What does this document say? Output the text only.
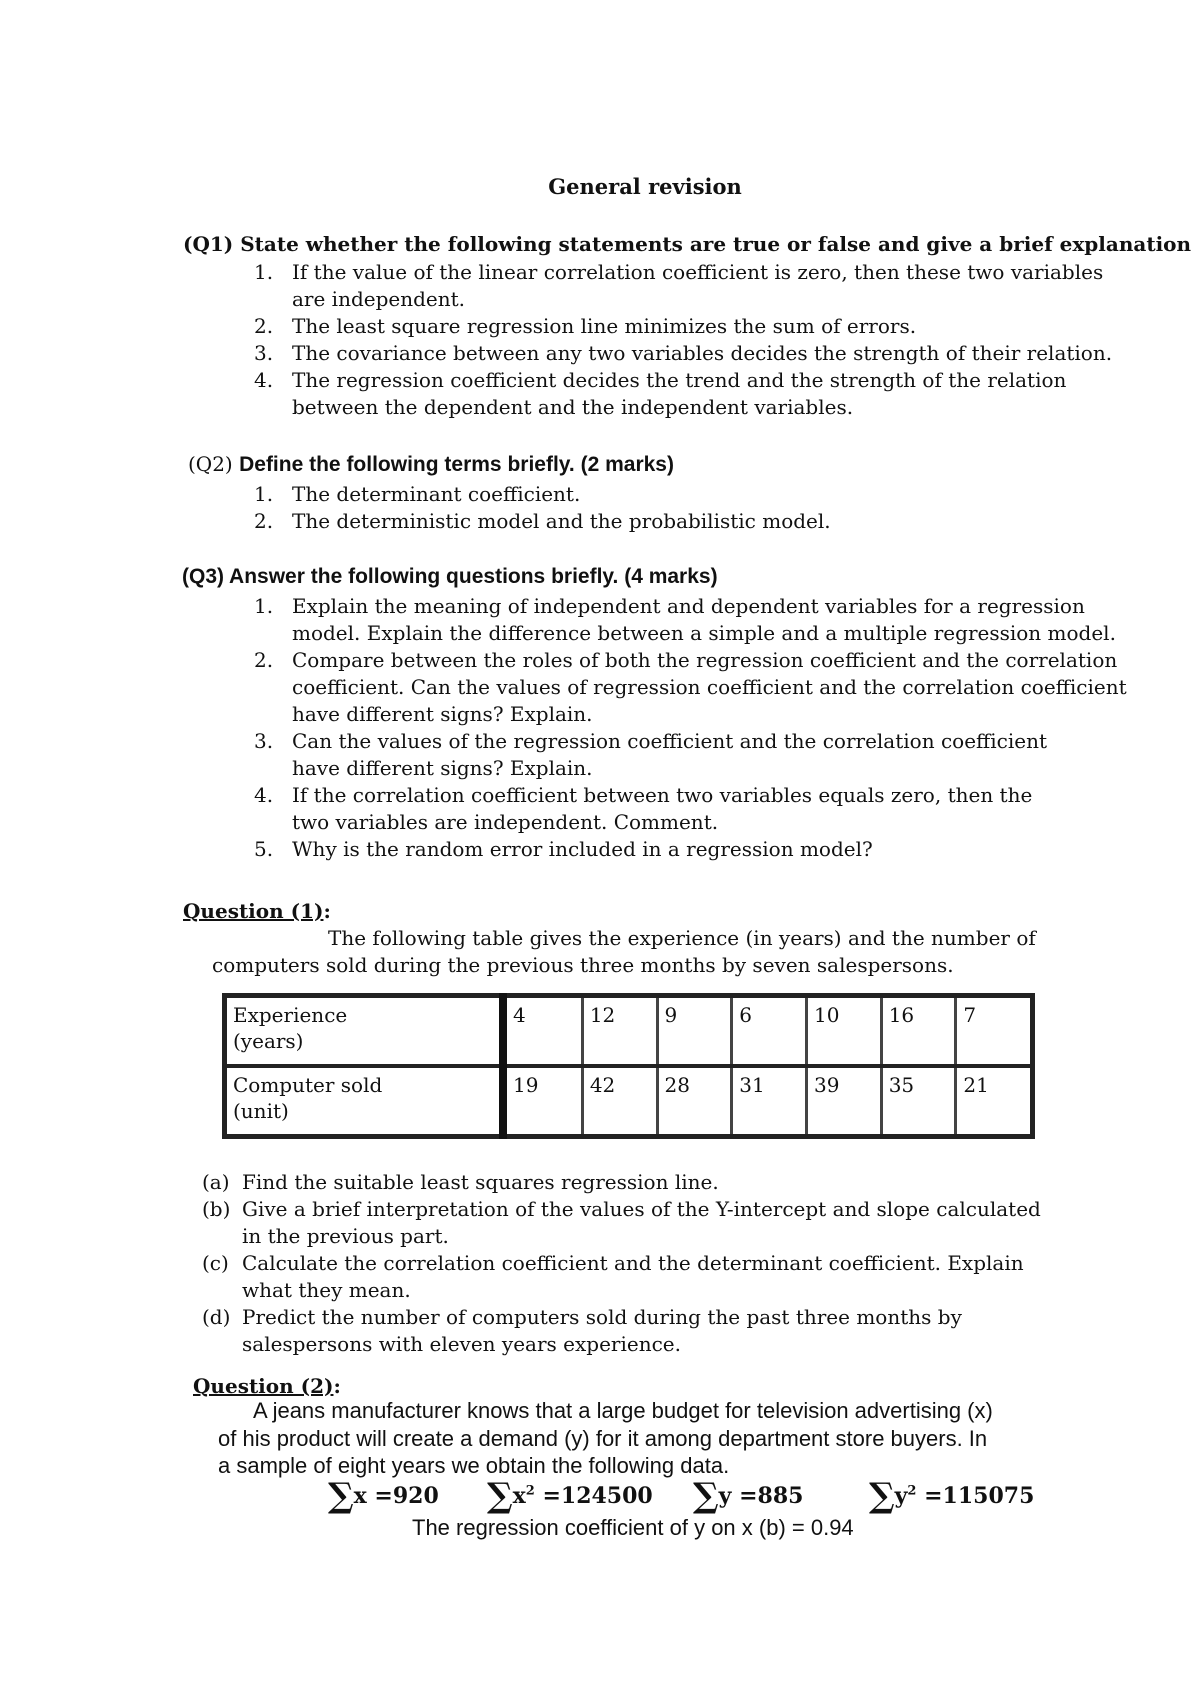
General revision
(Q1) State whether the following statements are true or false and give a brief explanation
1. If the value of the linear correlation coefficient is zero, then these two variables
are independent.
2. The least square regression line minimizes the sum of errors.
3. The covariance between any two variables decides the strength of their relation.
4. The regression coefficient decides the trend and the strength of the relation
between the dependent and the independent variables.
(Q2) Define the following terms briefly. (2 marks)
1. The determinant coefficient.
2. The deterministic model and the probabilistic model.
(Q3) Answer the following questions briefly. (4 marks)
1. Explain the meaning of independent and dependent variables for a regression
model. Explain the difference between a simple and a multiple regression model.
2. Compare between the roles of both the regression coefficient and the correlation
coefficient. Can the values of regression coefficient and the correlation coefficient
have different signs? Explain.
3. Can the values of the regression coefficient and the correlation coefficient
have different signs? Explain.
4. If the correlation coefficient between two variables equals zero, then the
two variables are independent. Comment.
5. Why is the random error included in a regression model?
Question (1):
The following table gives the experience (in years) and the number of
computers sold during the previous three months by seven salespersons.
Experience
(years)	4	12	9	6	10	16	7
Computer sold
(unit)	19	42	28	31	39	35	21
(a) Find the suitable least squares regression line.
(b) Give a brief interpretation of the values of the Y-intercept and slope calculated
in the previous part.
(c) Calculate the correlation coefficient and the determinant coefficient. Explain
what they mean.
(d) Predict the number of computers sold during the past three months by
salespersons with eleven years experience.
Question (2):
A jeans manufacturer knows that a large budget for television advertising (x)
of his product will create a demand (y) for it among department store buyers. In
a sample of eight years we obtain the following data.
∑x =920 $\sum x^2 =124500$ ∑y =885 $\sum y^2 =115075$
The regression coefficient of y on x (b) = 0.94
